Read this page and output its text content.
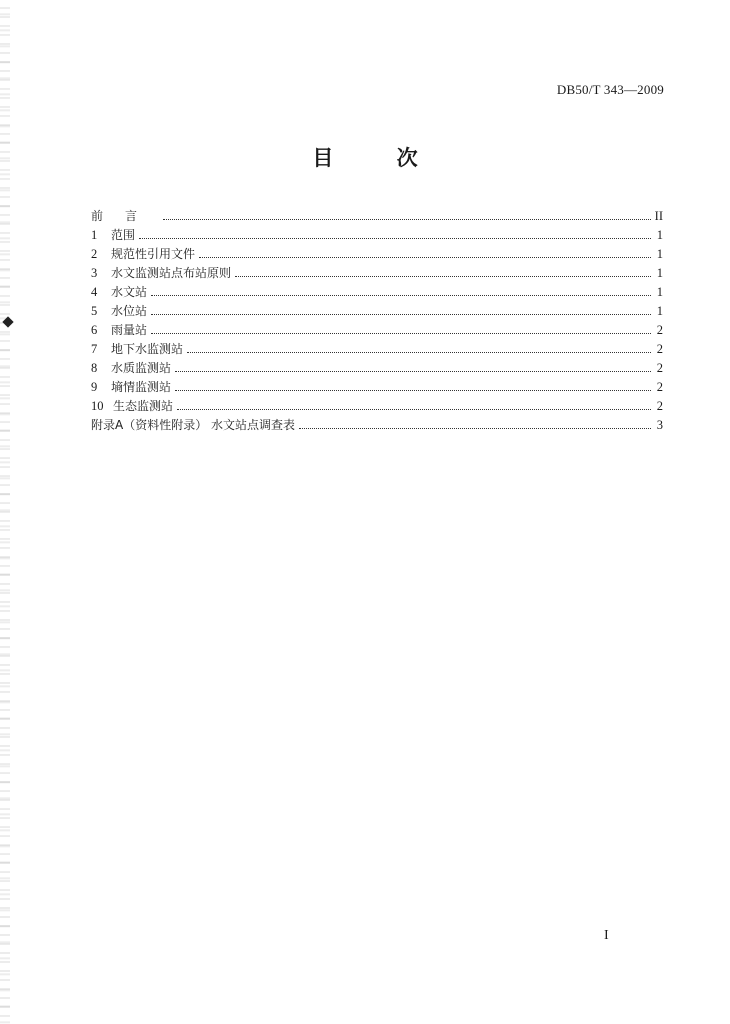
DB50/T 343—2009
目 次
前言	II
1	范围	1
2	规范性引用文件	1
3	水文监测站点布站原则	1
4	水文站	1
5	水位站	1
6	雨量站	2
7	地下水监测站	2
8	水质监测站	2
9	墒情监测站	2
10 生态监测站	2
附录A（资料性附录） 水文站点调查表	3
I
